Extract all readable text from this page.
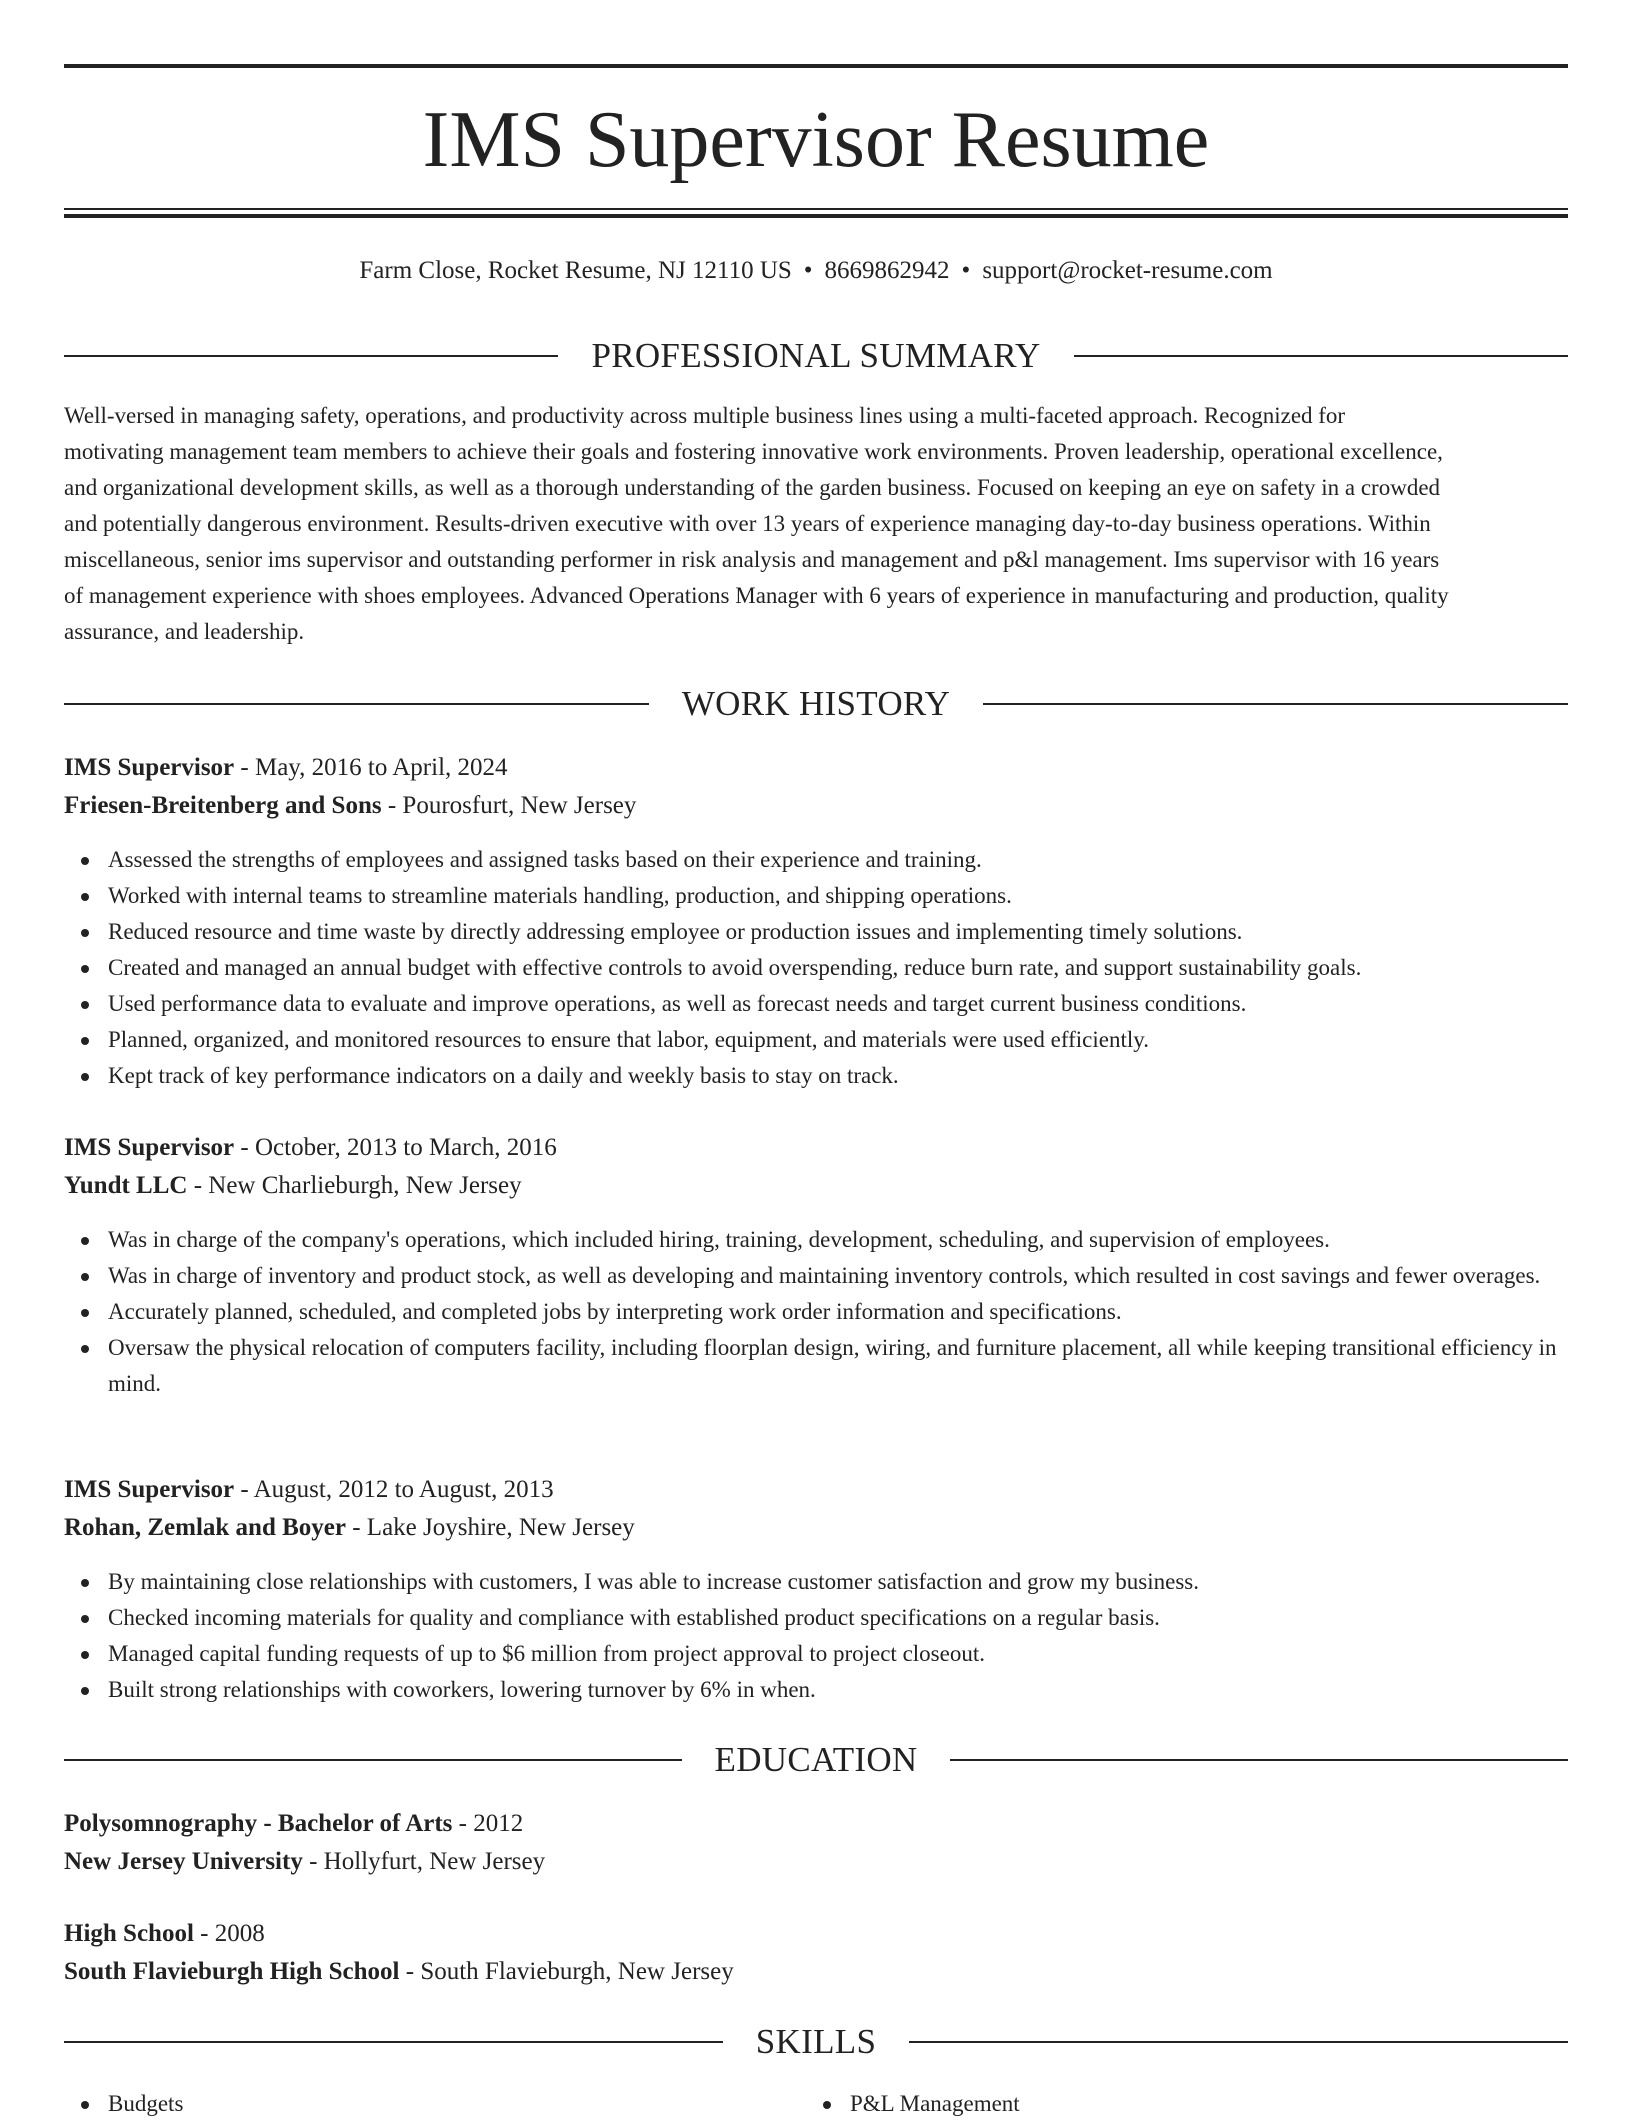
IMS Supervisor Resume
Farm Close, Rocket Resume, NJ 12110 US • 8669862942 • support@rocket-resume.com
PROFESSIONAL SUMMARY
Well-versed in managing safety, operations, and productivity across multiple business lines using a multi-faceted approach. Recognized for
motivating management team members to achieve their goals and fostering innovative work environments. Proven leadership, operational excellence,
and organizational development skills, as well as a thorough understanding of the garden business. Focused on keeping an eye on safety in a crowded
and potentially dangerous environment. Results-driven executive with over 13 years of experience managing day-to-day business operations. Within
miscellaneous, senior ims supervisor and outstanding performer in risk analysis and management and p&l management. Ims supervisor with 16 years
of management experience with shoes employees. Advanced Operations Manager with 6 years of experience in manufacturing and production, quality
assurance, and leadership.
WORK HISTORY
IMS Supervisor - May, 2016 to April, 2024
Friesen-Breitenberg and Sons - Pourosfurt, New Jersey
Assessed the strengths of employees and assigned tasks based on their experience and training.
Worked with internal teams to streamline materials handling, production, and shipping operations.
Reduced resource and time waste by directly addressing employee or production issues and implementing timely solutions.
Created and managed an annual budget with effective controls to avoid overspending, reduce burn rate, and support sustainability goals.
Used performance data to evaluate and improve operations, as well as forecast needs and target current business conditions.
Planned, organized, and monitored resources to ensure that labor, equipment, and materials were used efficiently.
Kept track of key performance indicators on a daily and weekly basis to stay on track.
IMS Supervisor - October, 2013 to March, 2016
Yundt LLC - New Charlieburgh, New Jersey
Was in charge of the company's operations, which included hiring, training, development, scheduling, and supervision of employees.
Was in charge of inventory and product stock, as well as developing and maintaining inventory controls, which resulted in cost savings and fewer overages.
Accurately planned, scheduled, and completed jobs by interpreting work order information and specifications.
Oversaw the physical relocation of computers facility, including floorplan design, wiring, and furniture placement, all while keeping transitional efficiency in mind.
IMS Supervisor - August, 2012 to August, 2013
Rohan, Zemlak and Boyer - Lake Joyshire, New Jersey
By maintaining close relationships with customers, I was able to increase customer satisfaction and grow my business.
Checked incoming materials for quality and compliance with established product specifications on a regular basis.
Managed capital funding requests of up to $6 million from project approval to project closeout.
Built strong relationships with coworkers, lowering turnover by 6% in when.
EDUCATION
Polysomnography - Bachelor of Arts - 2012
New Jersey University - Hollyfurt, New Jersey
High School - 2008
South Flavieburgh High School - South Flavieburgh, New Jersey
SKILLS
Budgets	P&L Management
